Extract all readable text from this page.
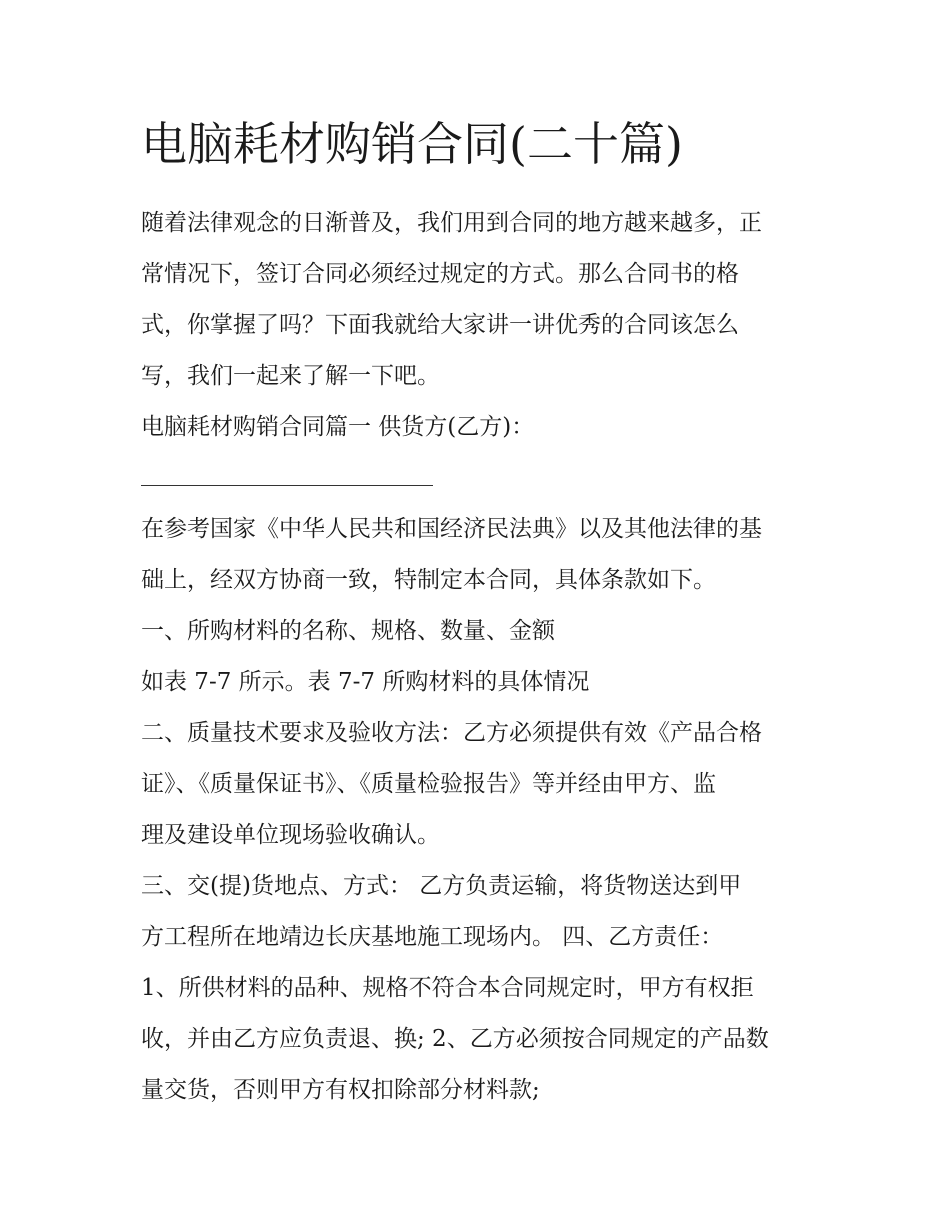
电脑耗材购销合同(二十篇)

随着法律观念的日渐普及，我们用到合同的地方越来越多，正

常情况下，签订合同必须经过规定的方式。那么合同书的格

式，你掌握了吗？下面我就给大家讲一讲优秀的合同该怎么

写，我们一起来了解一下吧。

电脑耗材购销合同篇一 供货方(乙方)：

在参考国家《中华人民共和国经济民法典》以及其他法律的基

础上，经双方协商一致，特制定本合同，具体条款如下。

一、所购材料的名称、规格、数量、金额

如表 7-7 所示。表 7-7 所购材料的具体情况

二、质量技术要求及验收方法：乙方必须提供有效《产品合格

证》、《质量保证书》、《质量检验报告》等并经由甲方、监

理及建设单位现场验收确认。

三、交(提)货地点、方式： 乙方负责运输，将货物送达到甲

方工程所在地靖边长庆基地施工现场内。 四、乙方责任：

1、所供材料的品种、规格不符合本合同规定时，甲方有权拒

收，并由乙方应负责退、换; 2、乙方必须按合同规定的产品数

量交货，否则甲方有权扣除部分材料款;
